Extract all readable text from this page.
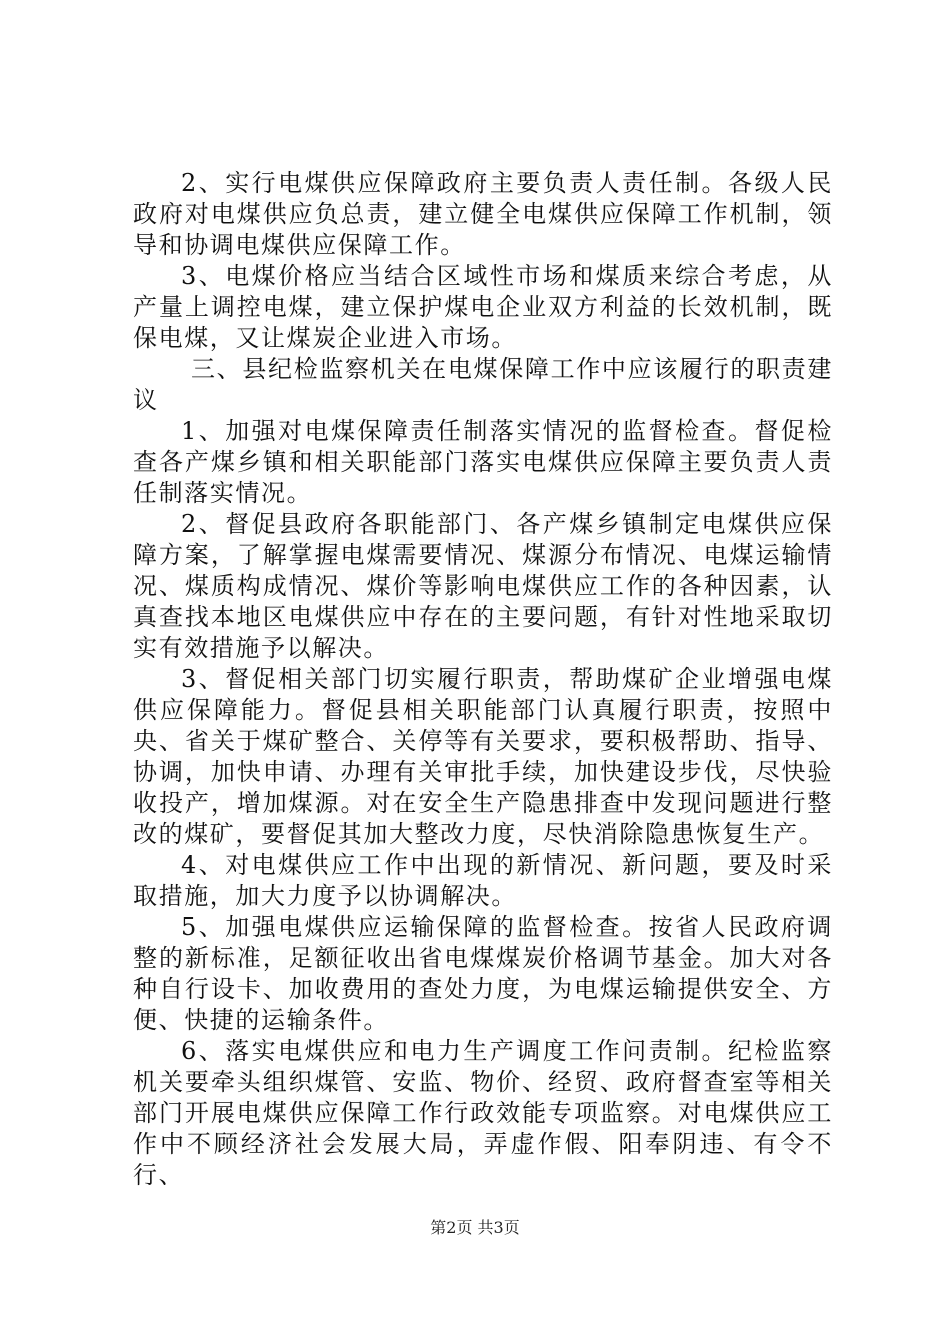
2、实行电煤供应保障政府主要负责人责任制。各级人民政府对电煤供应负总责，建立健全电煤供应保障工作机制，领导和协调电煤供应保障工作。

3、电煤价格应当结合区域性市场和煤质来综合考虑，从产量上调控电煤，建立保护煤电企业双方利益的长效机制，既保电煤，又让煤炭企业进入市场。

三、县纪检监察机关在电煤保障工作中应该履行的职责建议

1、加强对电煤保障责任制落实情况的监督检查。督促检查各产煤乡镇和相关职能部门落实电煤供应保障主要负责人责任制落实情况。

2、督促县政府各职能部门、各产煤乡镇制定电煤供应保障方案，了解掌握电煤需要情况、煤源分布情况、电煤运输情况、煤质构成情况、煤价等影响电煤供应工作的各种因素，认真查找本地区电煤供应中存在的主要问题，有针对性地采取切实有效措施予以解决。

3、督促相关部门切实履行职责，帮助煤矿企业增强电煤供应保障能力。督促县相关职能部门认真履行职责，按照中央、省关于煤矿整合、关停等有关要求，要积极帮助、指导、协调，加快申请、办理有关审批手续，加快建设步伐，尽快验收投产，增加煤源。对在安全生产隐患排查中发现问题进行整改的煤矿，要督促其加大整改力度，尽快消除隐患恢复生产。

4、对电煤供应工作中出现的新情况、新问题，要及时采取措施，加大力度予以协调解决。

5、加强电煤供应运输保障的监督检查。按省人民政府调整的新标准，足额征收出省电煤煤炭价格调节基金。加大对各种自行设卡、加收费用的查处力度，为电煤运输提供安全、方便、快捷的运输条件。

6、落实电煤供应和电力生产调度工作问责制。纪检监察机关要牵头组织煤管、安监、物价、经贸、政府督查室等相关部门开展电煤供应保障工作行政效能专项监察。对电煤供应工作中不顾经济社会发展大局，弄虚作假、阳奉阴违、有令不行、

第2页 共3页
